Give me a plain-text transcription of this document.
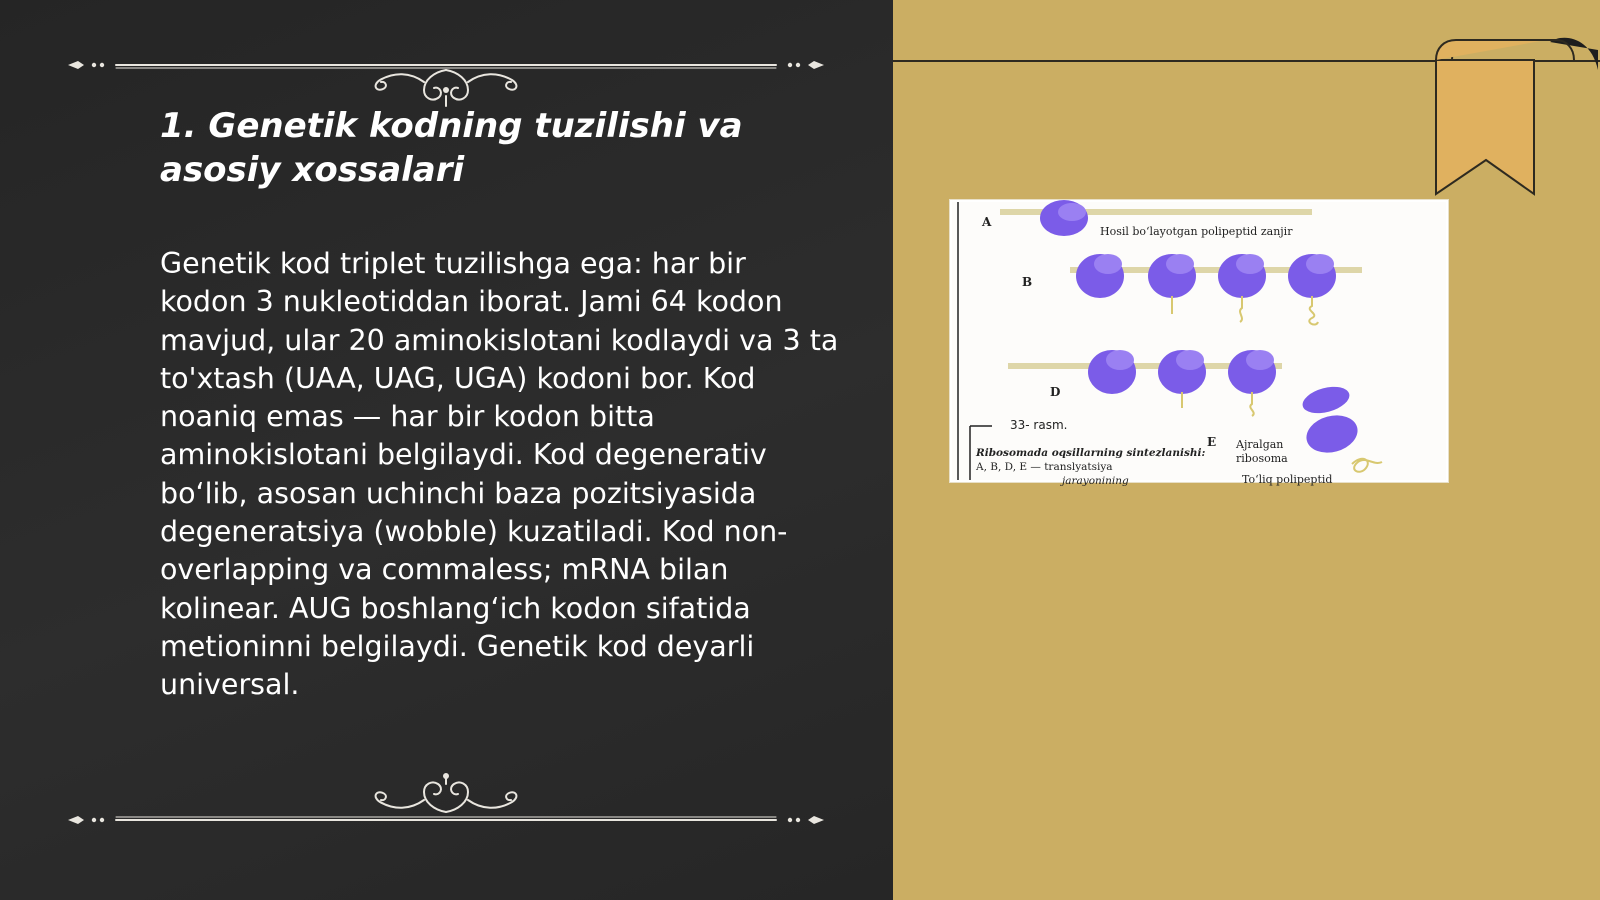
1. Genetik kodning tuzilishi va asosiy xossalari

Genetik kod triplet tuzilishga ega: har bir kodon 3 nukleotiddan iborat. Jami 64 kodon mavjud, ular 20 aminokislotani kodlaydi va 3 ta to'xtash (UAA, UAG, UGA) kodoni bor. Kod noaniq emas — har bir kodon bitta aminokislotani belgilaydi. Kod degenerativ bo‘lib, asosan uchinchi baza pozitsiyasida degeneratsiya (wobble) kuzatiladi. Kod non-overlapping va commaless; mRNA bilan kolinear. AUG boshlang‘ich kodon sifatida metioninni belgilaydi. Genetik kod deyarli universal.

A
Hosil bo‘layotgan polipeptid zanjir
B
D
33- rasm.
E Ajralgan
ribosoma
Ribosomada oqsillarning sintezlanishi:
A, B, D, E — translyatsiya
jarayonining	To‘liq polipeptid
